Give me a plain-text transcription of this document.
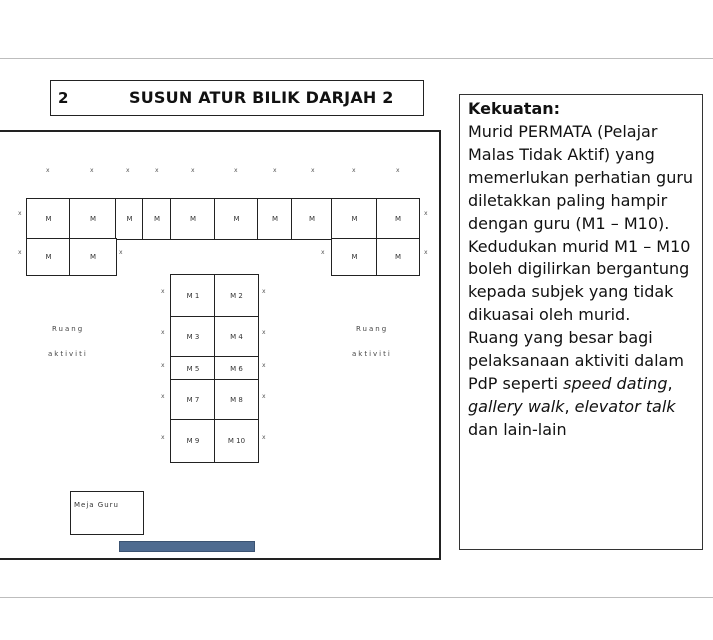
2	SUSUN ATUR BILIK DARJAH 2
M	M	M	M	M	M	M	M	M	M
M	M	M	M
x	x	x	x	x	x	x	x	x	x
x
x	x	x
x
x
M 1	M 2
M 3	M 4
M 5	M 6
M 7	M 8
M 9	M 10
x
x
x
x
x
x
x
x
x
x
Ruang
aktiviti
Ruang
aktiviti
Meja Guru
Kekuatan:
Murid PERMATA (Pelajar Malas Tidak Aktif) yang memerlukan perhatian guru diletakkan paling hampir dengan guru (M1 – M10).
Kedudukan murid M1 – M10 boleh digilirkan bergantung kepada subjek yang tidak dikuasai oleh murid.
Ruang yang besar bagi pelaksanaan aktiviti dalam PdP seperti speed dating, gallery walk, elevator talk dan lain-lain
